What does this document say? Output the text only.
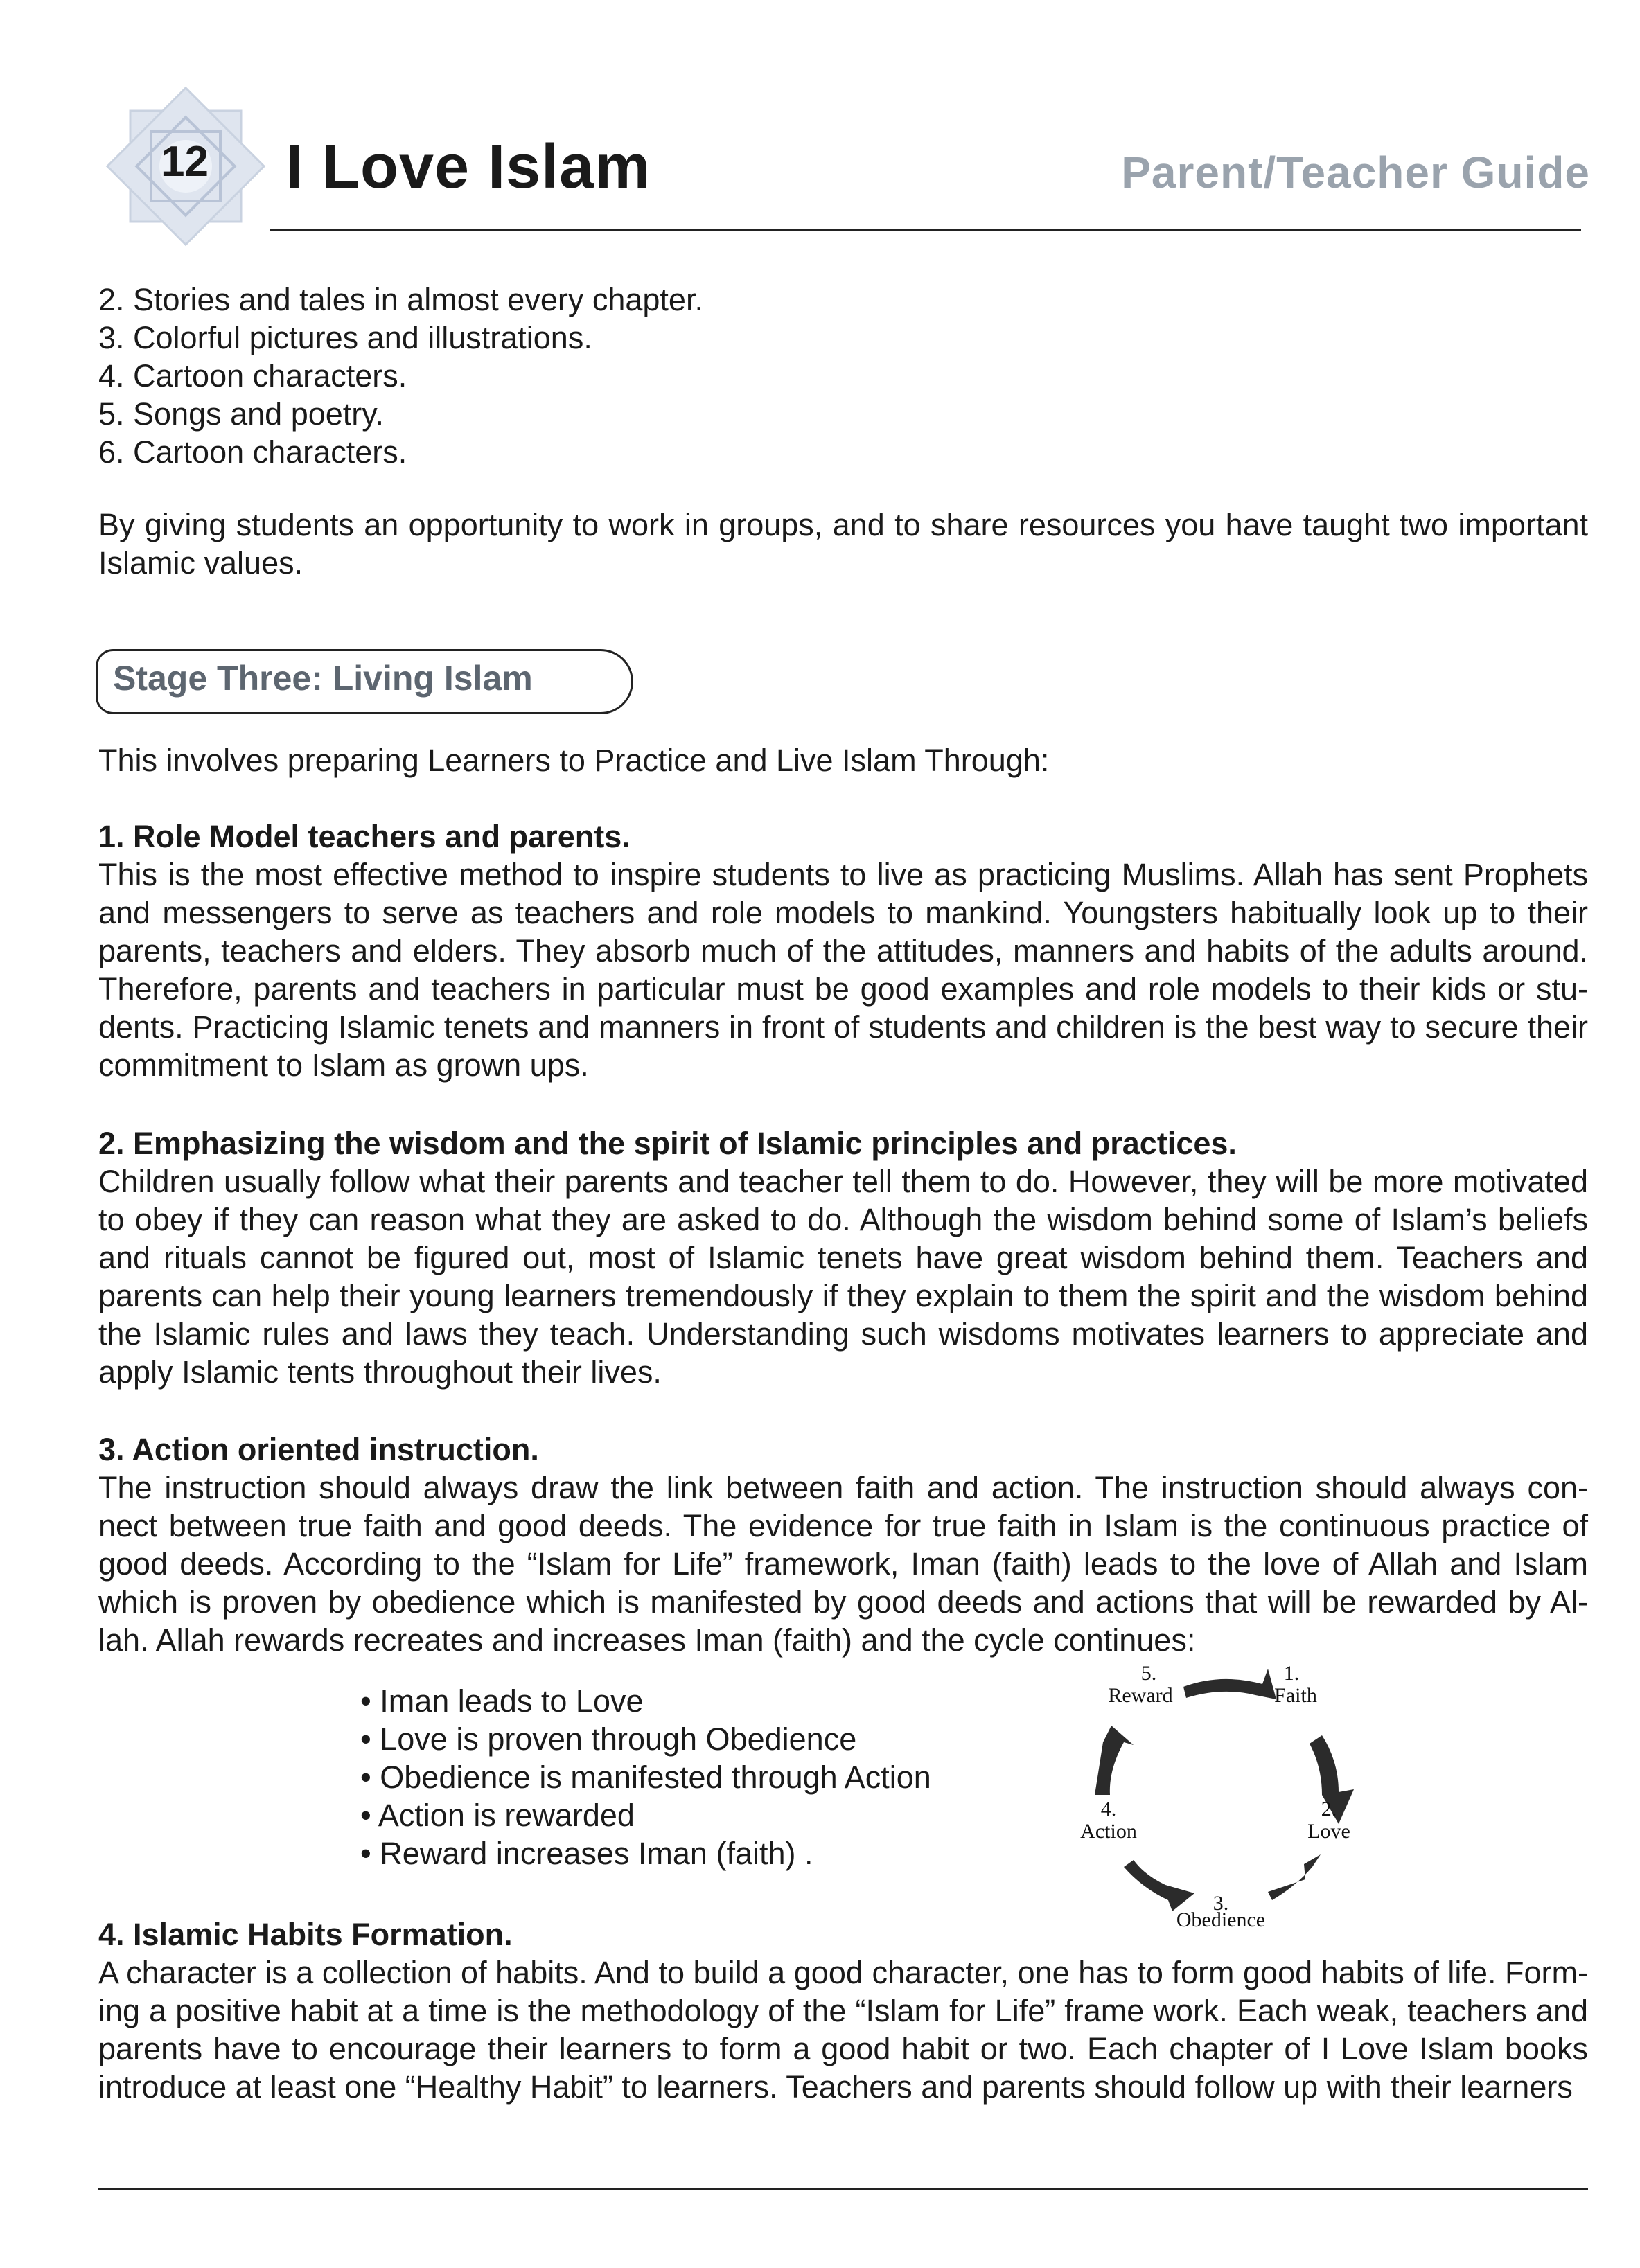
12 I Love Islam	Parent/Teacher Guide
2. Stories and tales in almost every chapter.
3. Colorful pictures and illustrations.
4. Cartoon characters.
5. Songs and poetry.
6. Cartoon characters.
By giving students an opportunity to work in groups, and to share resources you have taught two important Islamic values.
Stage Three: Living Islam
This involves preparing Learners to Practice and Live Islam Through:
1. Role Model teachers and parents.
This is the most effective method to inspire students to live as practicing Muslims. Allah has sent Prophets and messengers to serve as teachers and role models to mankind. Youngsters habitually look up to their parents, teachers and elders. They absorb much of the attitudes, manners and habits of the adults around. Therefore, parents and teachers in particular must be good examples and role models to their kids or stu-dents. Practicing Islamic tenets and manners in front of students and children is the best way to secure their commitment to Islam as grown ups.
2. Emphasizing the wisdom and the spirit of Islamic principles and practices.
Children usually follow what their parents and teacher tell them to do. However, they will be more motivated to obey if they can reason what they are asked to do. Although the wisdom behind some of Islam’s beliefs and rituals cannot be figured out, most of Islamic tenets have great wisdom behind them. Teachers and parents can help their young learners tremendously if they explain to them the spirit and the wisdom behind the Islamic rules and laws they teach. Understanding such wisdoms motivates learners to appreciate and apply Islamic tents throughout their lives.
3. Action oriented instruction.
The instruction should always draw the link between faith and action. The instruction should always con-nect between true faith and good deeds. The evidence for true faith in Islam is the continuous practice of good deeds. According to the “Islam for Life” framework, Iman (faith) leads to the love of Allah and Islam which is proven by obedience which is manifested by good deeds and actions that will be rewarded by Al-lah. Allah rewards recreates and increases Iman (faith) and the cycle continues:
• Iman leads to Love
• Love is proven through Obedience
• Obedience is manifested through Action
• Action is rewarded
• Reward increases Iman (faith) .
5.
Reward
1.
Faith
2.
Love
4.
Action
3.
Obedience
4. Islamic Habits Formation.
A character is a collection of habits. And to build a good character, one has to form good habits of life. Form-ing a positive habit at a time is the methodology of the “Islam for Life” frame work. Each weak, teachers and parents have to encourage their learners to form a good habit or two. Each chapter of I Love Islam books introduce at least one “Healthy Habit” to learners. Teachers and parents should follow up with their learners
